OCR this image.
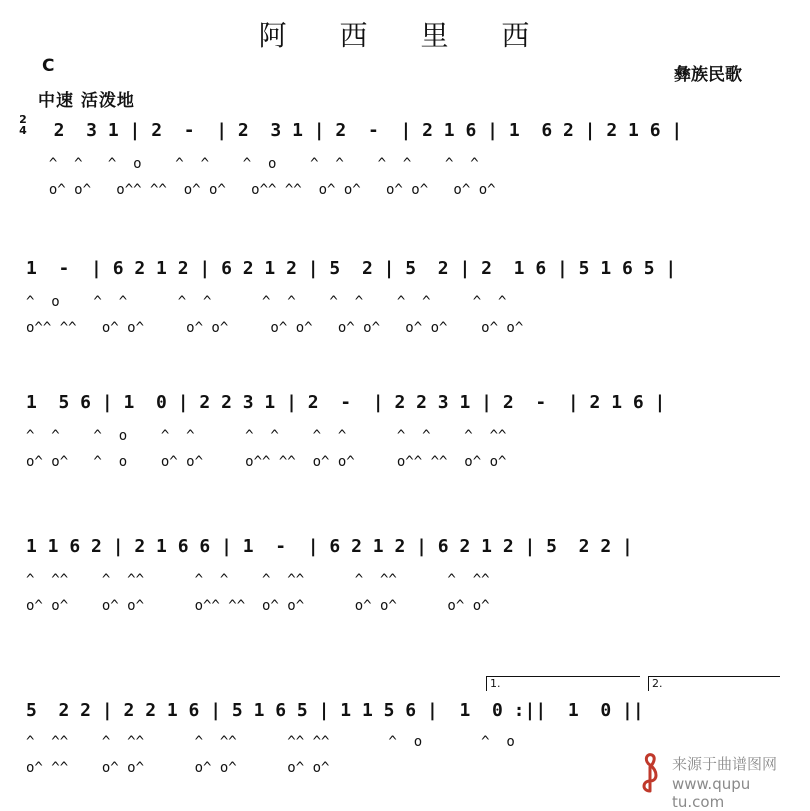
阿 西 里 西
C
中速 活泼地
彝族民歌
2
4 2  3 1 | 2  -  | 2  3 1 | 2  -  | 2 1 6 | 1  6 2 | 2 1 6 |
^  ^   ^  o    ^  ^    ^  o    ^  ^    ^  ^    ^  ^
o^ o^   o^^ ^^  o^ o^   o^^ ^^  o^ o^   o^ o^   o^ o^
1  -  | 6 2 1 2 | 6 2 1 2 | 5  2 | 5  2 | 2  1 6 | 5 1 6 5 |
^  o    ^  ^      ^  ^      ^  ^    ^  ^    ^  ^     ^  ^
o^^ ^^   o^ o^     o^ o^     o^ o^   o^ o^   o^ o^    o^ o^
1  5 6 | 1  0 | 2 2 3 1 | 2  -  | 2 2 3 1 | 2  -  | 2 1 6 |
^  ^    ^  o    ^  ^      ^  ^    ^  ^      ^  ^    ^  ^^
o^ o^   ^  o    o^ o^     o^^ ^^  o^ o^     o^^ ^^  o^ o^
1 1 6 2 | 2 1 6 6 | 1  -  | 6 2 1 2 | 6 2 1 2 | 5  2 2 |
^  ^^    ^  ^^      ^  ^    ^  ^^      ^  ^^      ^  ^^
o^ o^    o^ o^      o^^ ^^  o^ o^      o^ o^      o^ o^
1.	2.
5  2 2 | 2 2 1 6 | 5 1 6 5 | 1 1 5 6 |  1  0 :||  1  0 ||
^  ^^    ^  ^^      ^  ^^      ^^ ^^       ^  o       ^  o
o^ ^^    o^ o^      o^ o^      o^ o^	来源于曲谱图网
www.qupu tu.com
